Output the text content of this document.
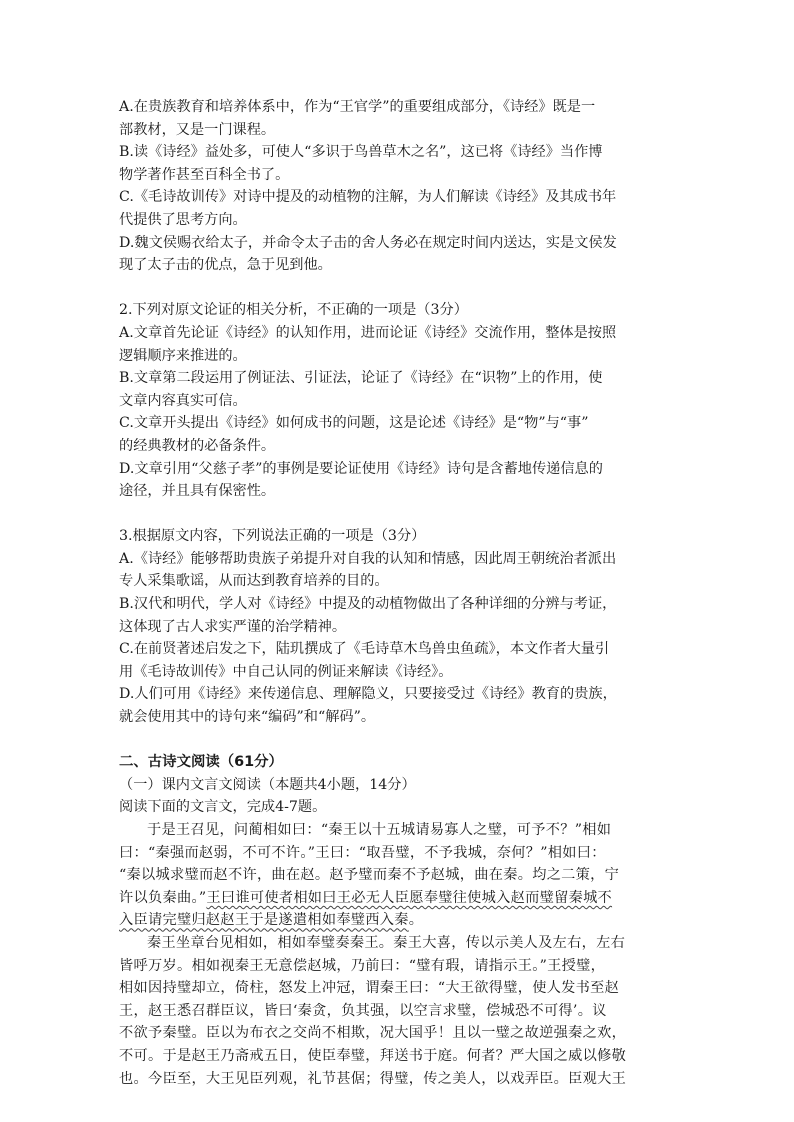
A.在贵族教育和培养体系中，作为“王官学”的重要组成部分，《诗经》既是一
部教材，又是一门课程。
B.读《诗经》益处多，可使人“多识于鸟兽草木之名”，这已将《诗经》当作博
物学著作甚至百科全书了。
C.《毛诗故训传》对诗中提及的动植物的注解，为人们解读《诗经》及其成书年
代提供了思考方向。
D.魏文侯赐衣给太子，并命令太子击的舍人务必在规定时间内送达，实是文侯发
现了太子击的优点，急于见到他。
2.下列对原文论证的相关分析，不正确的一项是（3分）
A.文章首先论证《诗经》的认知作用，进而论证《诗经》交流作用，整体是按照
逻辑顺序来推进的。
B.文章第二段运用了例证法、引证法，论证了《诗经》在“识物”上的作用，使
文章内容真实可信。
C.文章开头提出《诗经》如何成书的问题，这是论述《诗经》是“物”与“事”
的经典教材的必备条件。
D.文章引用“父慈子孝”的事例是要论证使用《诗经》诗句是含蓄地传递信息的
途径，并且具有保密性。
3.根据原文内容，下列说法正确的一项是（3分）
A.《诗经》能够帮助贵族子弟提升对自我的认知和情感，因此周王朝统治者派出
专人采集歌谣，从而达到教育培养的目的。
B.汉代和明代，学人对《诗经》中提及的动植物做出了各种详细的分辨与考证，
这体现了古人求实严谨的治学精神。
C.在前贤著述启发之下，陆玑撰成了《毛诗草木鸟兽虫鱼疏》，本文作者大量引
用《毛诗故训传》中自己认同的例证来解读《诗经》。
D.人们可用《诗经》来传递信息、理解隐义，只要接受过《诗经》教育的贵族，
就会使用其中的诗句来“编码”和“解码”。
二、古诗文阅读（61分）
（一）课内文言文阅读（本题共4小题，14分）
阅读下面的文言文，完成4-7题。
于是王召见，问蔺相如曰：“秦王以十五城请易寡人之璧，可予不？”相如
曰：“秦强而赵弱，不可不许。”王曰：“取吾璧，不予我城，奈何？”相如曰：
“秦以城求璧而赵不许，曲在赵。赵予璧而秦不予赵城，曲在秦。均之二策，宁
许以负秦曲。”王曰谁可使者相如曰王必无人臣愿奉璧往使城入赵而璧留秦城不
入臣请完璧归赵赵王于是遂遣相如奉璧西入秦。
秦王坐章台见相如，相如奉璧奏秦王。秦王大喜，传以示美人及左右，左右
皆呼万岁。相如视秦王无意偿赵城，乃前曰：“璧有瑕，请指示王。”王授璧，
相如因持璧却立，倚柱，怒发上冲冠，谓秦王曰：“大王欲得璧，使人发书至赵
王，赵王悉召群臣议，皆曰‘秦贪，负其强，以空言求璧，偿城恐不可得’。议
不欲予秦璧。臣以为布衣之交尚不相欺，况大国乎！且以一璧之故逆强秦之欢，
不可。于是赵王乃斋戒五日，使臣奉璧，拜送书于庭。何者？严大国之威以修敬
也。今臣至，大王见臣列观，礼节甚倨；得璧，传之美人，以戏弄臣。臣观大王
